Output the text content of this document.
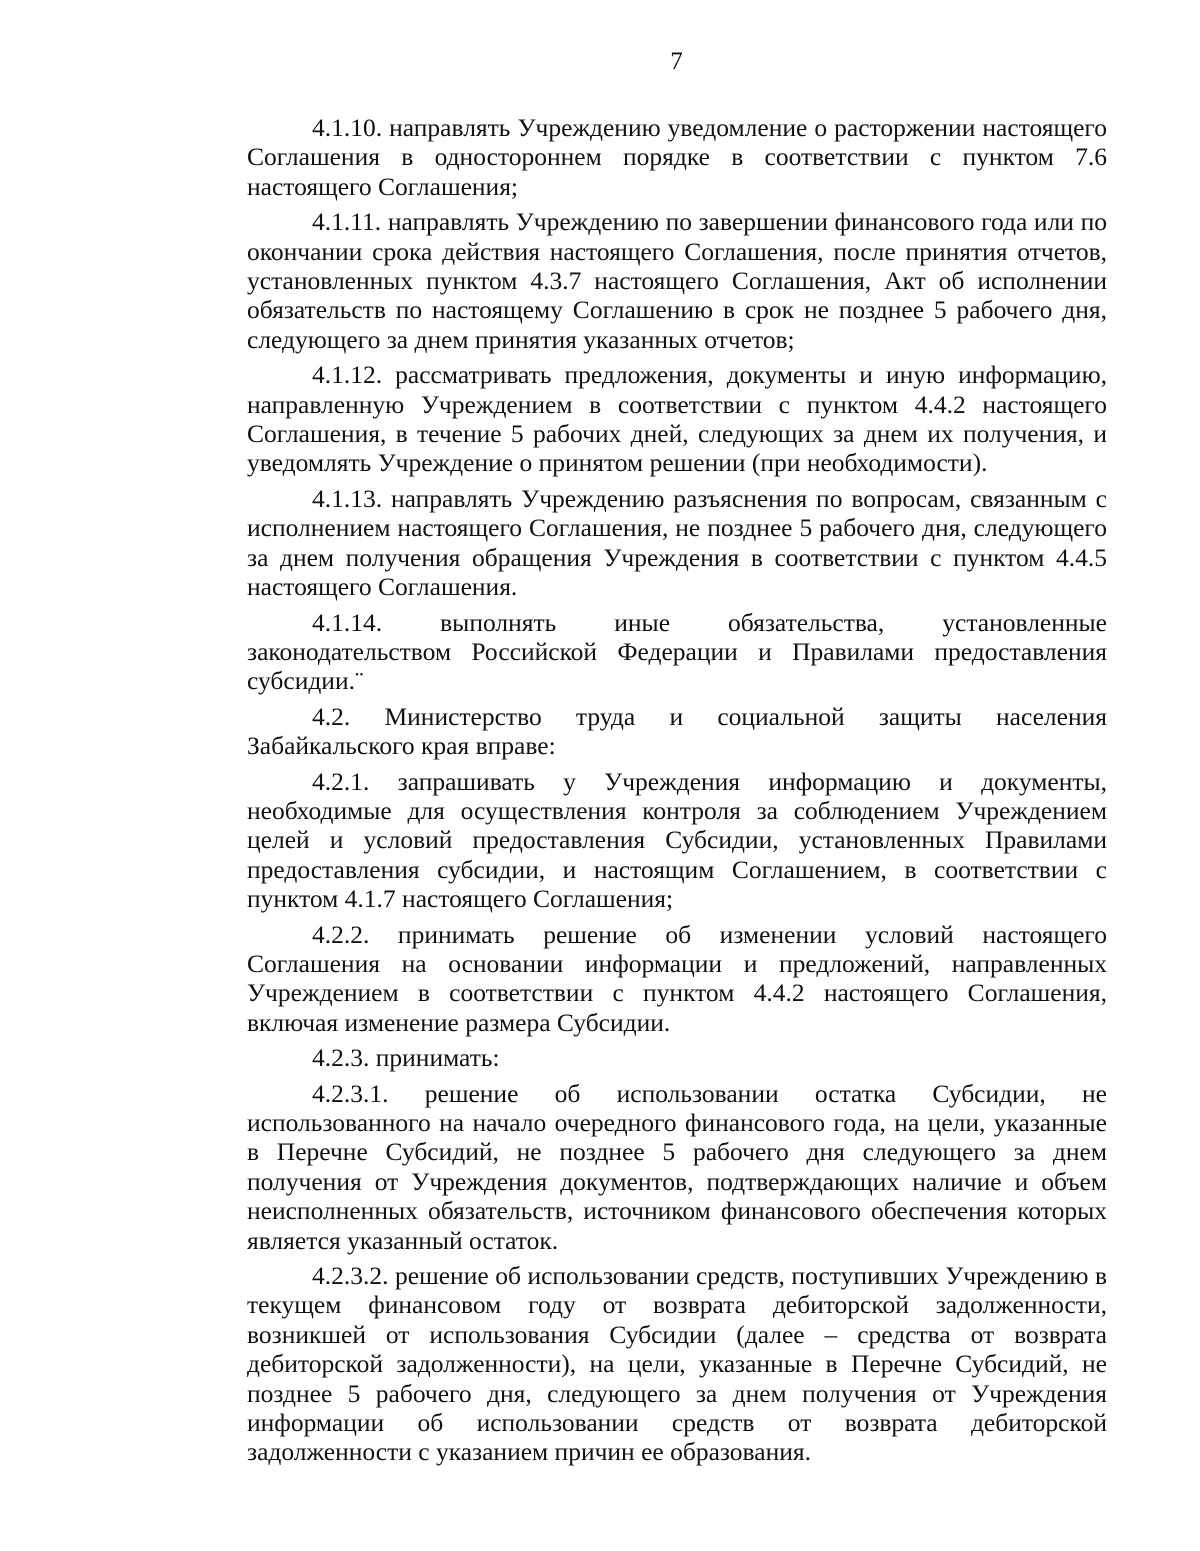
7

4.1.10. направлять Учреждению уведомление о расторжении настоящего Соглашения в одностороннем порядке в соответствии с пунктом 7.6 настоящего Соглашения;

4.1.11. направлять Учреждению по завершении финансового года или по окончании срока действия настоящего Соглашения, после принятия отчетов, установленных пунктом 4.3.7 настоящего Соглашения, Акт об исполнении обязательств по настоящему Соглашению в срок не позднее 5 рабочего дня, следующего за днем принятия указанных отчетов;

4.1.12. рассматривать предложения, документы и иную информацию, направленную Учреждением в соответствии с пунктом 4.4.2 настоящего Соглашения, в течение 5 рабочих дней, следующих за днем их получения, и уведомлять Учреждение о принятом решении (при необходимости).

4.1.13. направлять Учреждению разъяснения по вопросам, связанным с исполнением настоящего Соглашения, не позднее 5 рабочего дня, следующего за днем получения обращения Учреждения в соответствии с пунктом 4.4.5 настоящего Соглашения.

4.1.14. выполнять иные обязательства, установленные законодательством Российской Федерации и Правилами предоставления субсидии.¨

4.2. Министерство труда и социальной защиты населения Забайкальского края вправе:

4.2.1. запрашивать у Учреждения информацию и документы, необходимые для осуществления контроля за соблюдением Учреждением целей и условий предоставления Субсидии, установленных Правилами предоставления субсидии, и настоящим Соглашением, в соответствии с пунктом 4.1.7 настоящего Соглашения;

4.2.2. принимать решение об изменении условий настоящего Соглашения на основании информации и предложений, направленных Учреждением в соответствии с пунктом 4.4.2 настоящего Соглашения, включая изменение размера Субсидии.

4.2.3. принимать:

4.2.3.1. решение об использовании остатка Субсидии, не использованного на начало очередного финансового года, на цели, указанные в Перечне Субсидий, не позднее 5 рабочего дня следующего за днем получения от Учреждения документов, подтверждающих наличие и объем неисполненных обязательств, источником финансового обеспечения которых является указанный остаток.

4.2.3.2. решение об использовании средств, поступивших Учреждению в текущем финансовом году от возврата дебиторской задолженности, возникшей от использования Субсидии (далее – средства от возврата дебиторской задолженности), на цели, указанные в Перечне Субсидий, не позднее 5 рабочего дня, следующего за днем получения от Учреждения информации об использовании средств от возврата дебиторской задолженности с указанием причин ее образования.
